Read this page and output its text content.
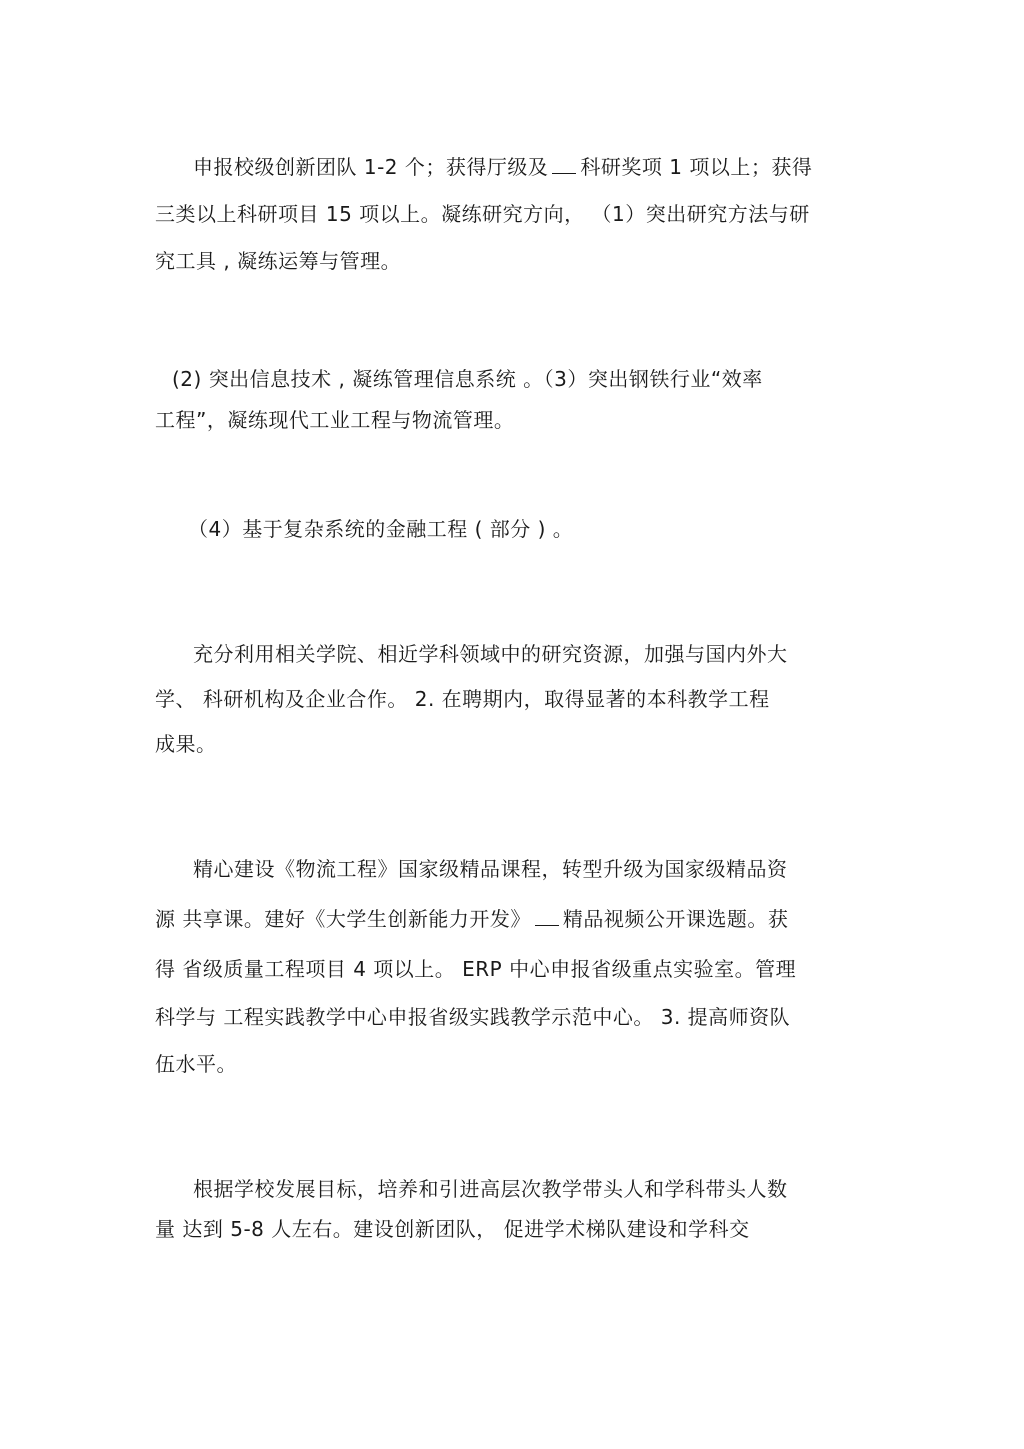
申报校级创新团队 1-2 个；获得厅级及 科研奖项 1 项以上；获得
三类以上科研项目 15 项以上。凝练研究方向， （1）突出研究方法与研
究工具 , 凝练运筹与管理。
(2) 突出信息技术 , 凝练管理信息系统 。（3）突出钢铁行业“效率
工程”，凝练现代工业工程与物流管理。
（4）基于复杂系统的金融工程 ( 部分 ) 。
充分利用相关学院、相近学科领域中的研究资源，加强与国内外大
学、 科研机构及企业合作。 2. 在聘期内，取得显著的本科教学工程
成果。
精心建设《物流工程》国家级精品课程，转型升级为国家级精品资
源 共享课。建好《大学生创新能力开发》 精品视频公开课选题。获
得 省级质量工程项目 4 项以上。 ERP 中心申报省级重点实验室。管理
科学与 工程实践教学中心申报省级实践教学示范中心。 3. 提高师资队
伍水平。
根据学校发展目标，培养和引进高层次教学带头人和学科带头人数
量 达到 5-8 人左右。建设创新团队， 促进学术梯队建设和学科交
